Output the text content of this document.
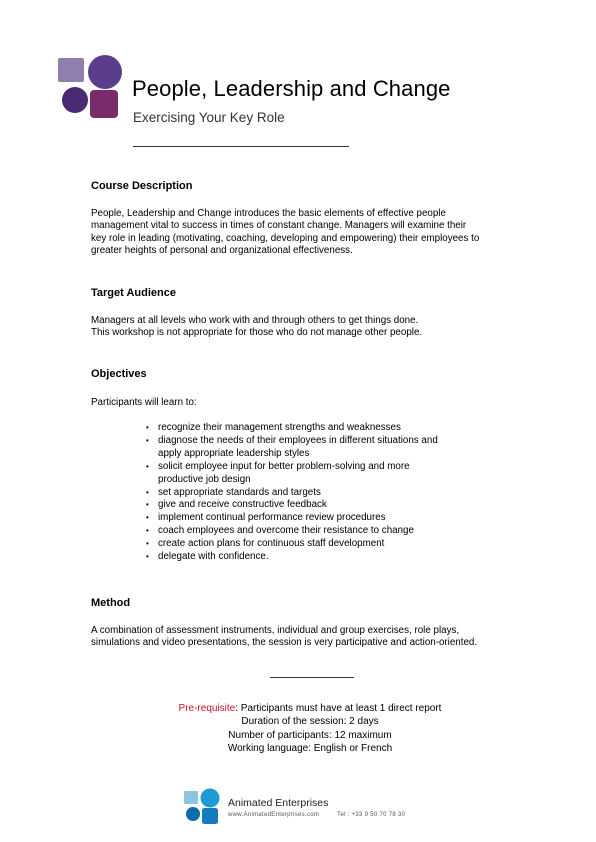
People, Leadership and Change
Exercising Your Key Role
Course Description
People, Leadership and Change introduces the basic elements of effective people
management vital to success in times of constant change. Managers will examine their
key role in leading (motivating, coaching, developing and empowering) their employees to
greater heights of personal and organizational effectiveness.
Target Audience
Managers at all levels who work with and through others to get things done.
This workshop is not appropriate for those who do not manage other people.
Objectives
Participants will learn to:
• recognize their management strengths and weaknesses
• diagnose the needs of their employees in different situations and
apply appropriate leadership styles
• solicit employee input for better problem-solving and more
productive job design
• set appropriate standards and targets
• give and receive constructive feedback
• implement continual performance review procedures
• coach employees and overcome their resistance to change
• create action plans for continuous staff development
• delegate with confidence.
Method
A combination of assessment instruments, individual and group exercises, role plays,
simulations and video presentations, the session is very participative and action-oriented.
Pre-requisite: Participants must have at least 1 direct report
Duration of the session: 2 days
Number of participants: 12 maximum
Working language: English or French
Animated Enterprises
www.AnimatedEnterprises.com	Tel : +33 9 50 70 78 30
